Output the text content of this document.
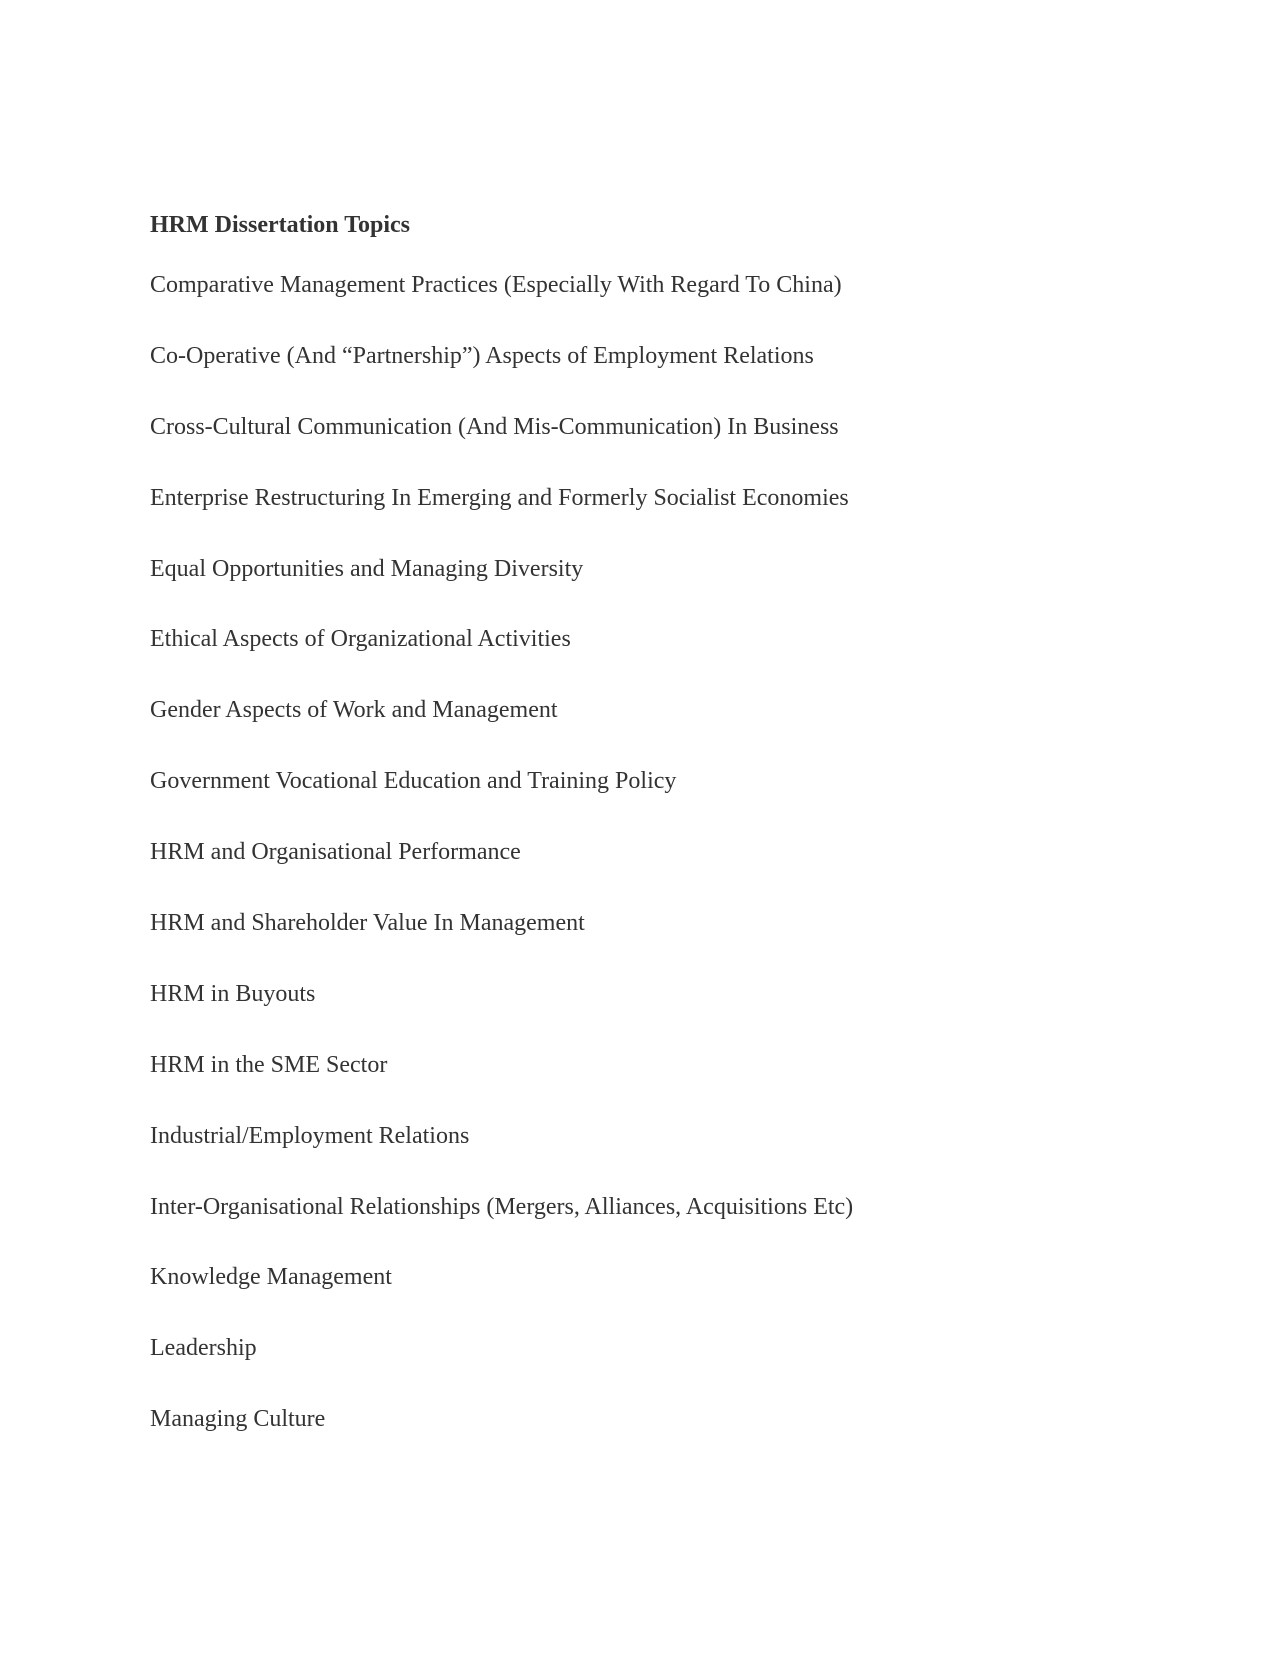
HRM Dissertation Topics
Comparative Management Practices (Especially With Regard To China)
Co-Operative (And “Partnership”) Aspects of Employment Relations
Cross-Cultural Communication (And Mis-Communication) In Business
Enterprise Restructuring In Emerging and Formerly Socialist Economies
Equal Opportunities and Managing Diversity
Ethical Aspects of Organizational Activities
Gender Aspects of Work and Management
Government Vocational Education and Training Policy
HRM and Organisational Performance
HRM and Shareholder Value In Management
HRM in Buyouts
HRM in the SME Sector
Industrial/Employment Relations
Inter-Organisational Relationships (Mergers, Alliances, Acquisitions Etc)
Knowledge Management
Leadership
Managing Culture
